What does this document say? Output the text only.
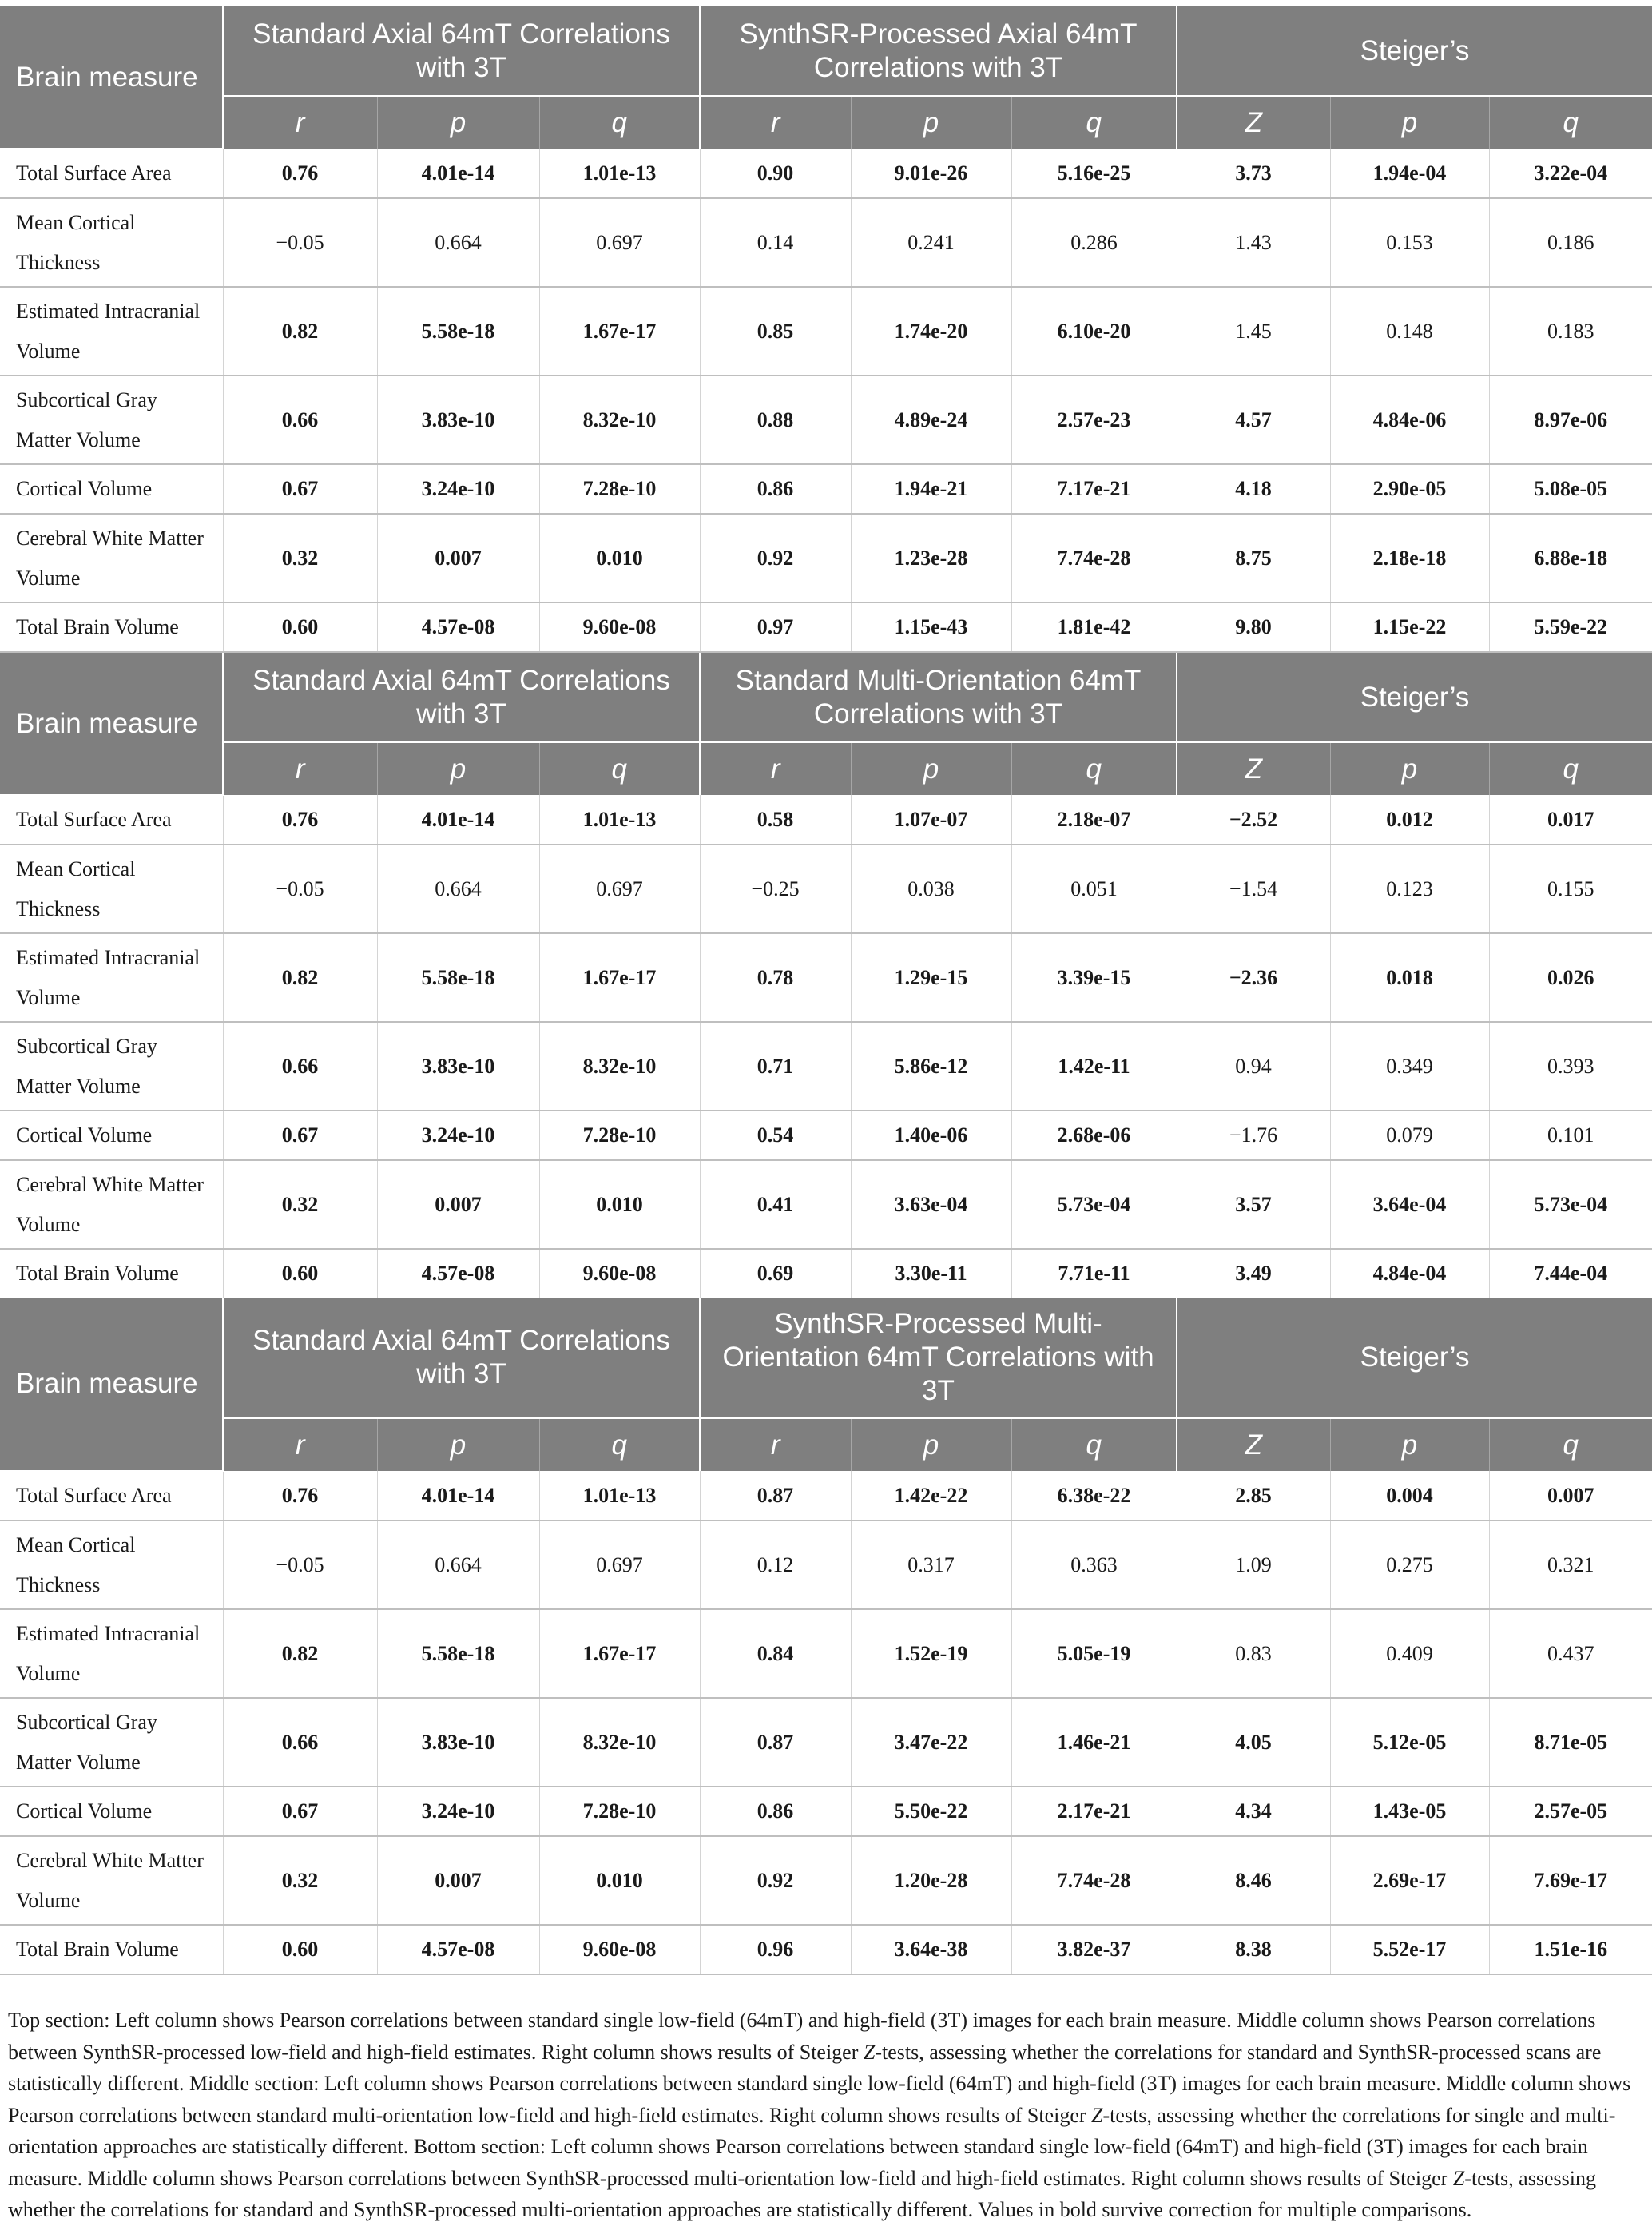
Brain measure	Standard Axial 64mT Correlations with 3T			SynthSR-Processed Axial 64mT Correlations with 3T			Steiger’s		
	r	p	q	r	p	q	Z	p	q
Total Surface Area	0.76	4.01e-14	1.01e-13	0.90	9.01e-26	5.16e-25	3.73	1.94e-04	3.22e-04
Mean Cortical Thickness	−0.05	0.664	0.697	0.14	0.241	0.286	1.43	0.153	0.186
Estimated Intracranial Volume	0.82	5.58e-18	1.67e-17	0.85	1.74e-20	6.10e-20	1.45	0.148	0.183
Subcortical Gray Matter Volume	0.66	3.83e-10	8.32e-10	0.88	4.89e-24	2.57e-23	4.57	4.84e-06	8.97e-06
Cortical Volume	0.67	3.24e-10	7.28e-10	0.86	1.94e-21	7.17e-21	4.18	2.90e-05	5.08e-05
Cerebral White Matter Volume	0.32	0.007	0.010	0.92	1.23e-28	7.74e-28	8.75	2.18e-18	6.88e-18
Total Brain Volume	0.60	4.57e-08	9.60e-08	0.97	1.15e-43	1.81e-42	9.80	1.15e-22	5.59e-22
Brain measure	Standard Axial 64mT Correlations with 3T			Standard Multi-Orientation 64mT Correlations with 3T			Steiger’s		
	r	p	q	r	p	q	Z	p	q
Total Surface Area	0.76	4.01e-14	1.01e-13	0.58	1.07e-07	2.18e-07	−2.52	0.012	0.017
Mean Cortical Thickness	−0.05	0.664	0.697	−0.25	0.038	0.051	−1.54	0.123	0.155
Estimated Intracranial Volume	0.82	5.58e-18	1.67e-17	0.78	1.29e-15	3.39e-15	−2.36	0.018	0.026
Subcortical Gray Matter Volume	0.66	3.83e-10	8.32e-10	0.71	5.86e-12	1.42e-11	0.94	0.349	0.393
Cortical Volume	0.67	3.24e-10	7.28e-10	0.54	1.40e-06	2.68e-06	−1.76	0.079	0.101
Cerebral White Matter Volume	0.32	0.007	0.010	0.41	3.63e-04	5.73e-04	3.57	3.64e-04	5.73e-04
Total Brain Volume	0.60	4.57e-08	9.60e-08	0.69	3.30e-11	7.71e-11	3.49	4.84e-04	7.44e-04
Brain measure	Standard Axial 64mT Correlations with 3T			SynthSR-Processed Multi-Orientation 64mT Correlations with 3T			Steiger’s		
	r	p	q	r	p	q	Z	p	q
Total Surface Area	0.76	4.01e-14	1.01e-13	0.87	1.42e-22	6.38e-22	2.85	0.004	0.007
Mean Cortical Thickness	−0.05	0.664	0.697	0.12	0.317	0.363	1.09	0.275	0.321
Estimated Intracranial Volume	0.82	5.58e-18	1.67e-17	0.84	1.52e-19	5.05e-19	0.83	0.409	0.437
Subcortical Gray Matter Volume	0.66	3.83e-10	8.32e-10	0.87	3.47e-22	1.46e-21	4.05	5.12e-05	8.71e-05
Cortical Volume	0.67	3.24e-10	7.28e-10	0.86	5.50e-22	2.17e-21	4.34	1.43e-05	2.57e-05
Cerebral White Matter Volume	0.32	0.007	0.010	0.92	1.20e-28	7.74e-28	8.46	2.69e-17	7.69e-17
Total Brain Volume	0.60	4.57e-08	9.60e-08	0.96	3.64e-38	3.82e-37	8.38	5.52e-17	1.51e-16

Top section: Left column shows Pearson correlations between standard single low-field (64mT) and high-field (3T) images for each brain measure. Middle column shows Pearson correlations between SynthSR-processed low-field and high-field estimates. Right column shows results of Steiger Z-tests, assessing whether the correlations for standard and SynthSR-processed scans are statistically different. Middle section: Left column shows Pearson correlations between standard single low-field (64mT) and high-field (3T) images for each brain measure. Middle column shows Pearson correlations between standard multi-orientation low-field and high-field estimates. Right column shows results of Steiger Z-tests, assessing whether the correlations for single and multi-orientation approaches are statistically different. Bottom section: Left column shows Pearson correlations between standard single low-field (64mT) and high-field (3T) images for each brain measure. Middle column shows Pearson correlations between SynthSR-processed multi-orientation low-field and high-field estimates. Right column shows results of Steiger Z-tests, assessing whether the correlations for standard and SynthSR-processed multi-orientation approaches are statistically different. Values in bold survive correction for multiple comparisons.
